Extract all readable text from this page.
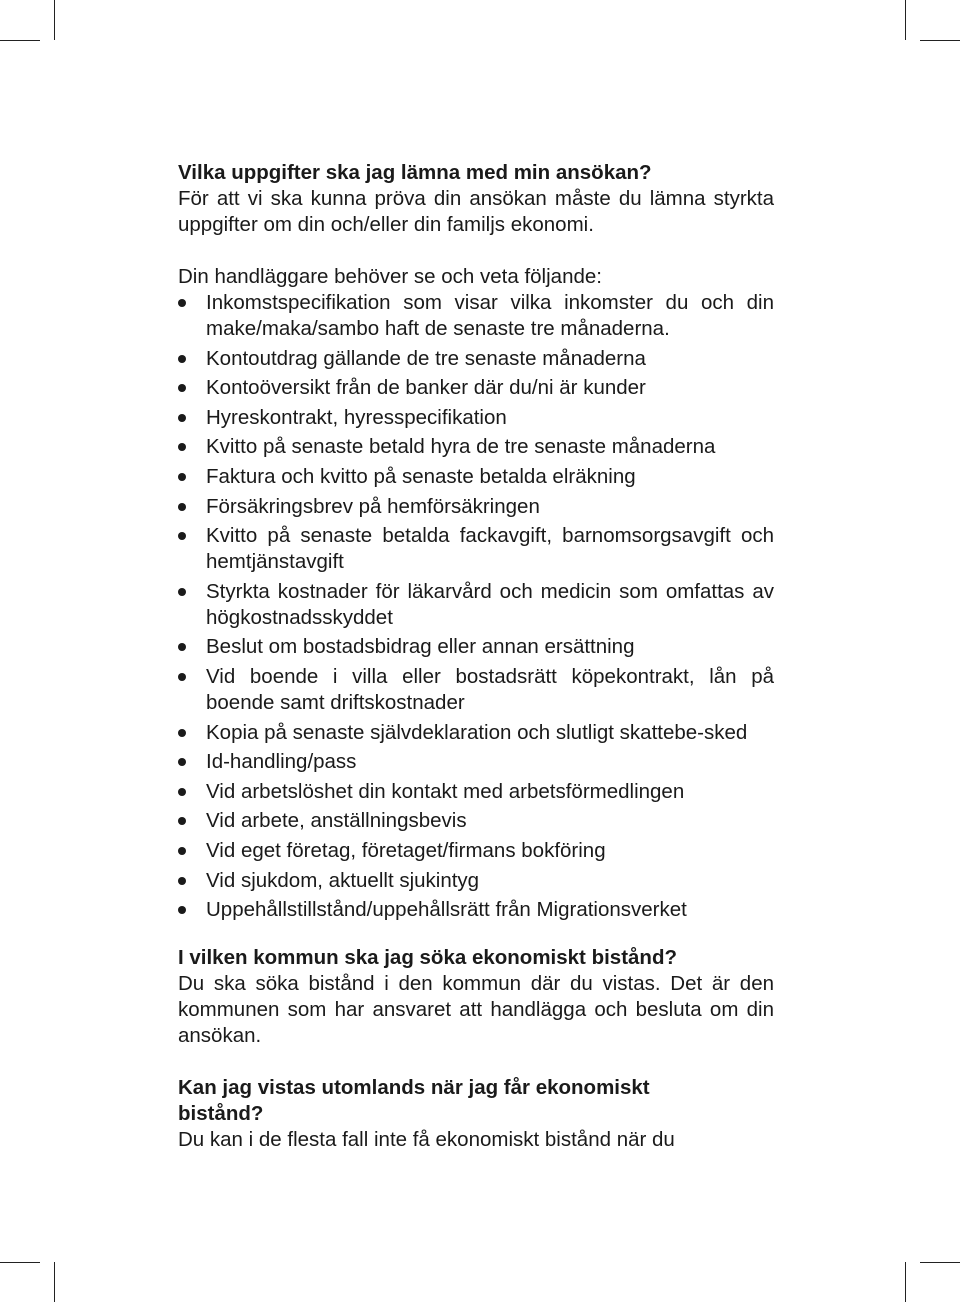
Vilka uppgifter ska jag lämna med min ansökan?

För att vi ska kunna pröva din ansökan måste du lämna styrkta uppgifter om din och/eller din familjs ekonomi.

Din handläggare behöver se och veta följande:

Inkomstspecifikation som visar vilka inkomster du och din make/maka/sambo haft de senaste tre månaderna.
Kontoutdrag gällande de tre senaste månaderna
Kontoöversikt från de banker där du/ni är kunder
Hyreskontrakt, hyresspecifikation
Kvitto på senaste betald hyra de tre senaste månaderna
Faktura och kvitto på senaste betalda elräkning
Försäkringsbrev på hemförsäkringen
Kvitto på senaste betalda fackavgift, barnomsorgsavgift och hemtjänstavgift
Styrkta kostnader för läkarvård och medicin som omfattas av högkostnadsskyddet
Beslut om bostadsbidrag eller annan ersättning
Vid boende i villa eller bostadsrätt köpekontrakt, lån på boende samt driftskostnader
Kopia på senaste självdeklaration och slutligt skattebe-sked
Id-handling/pass
Vid arbetslöshet din kontakt med arbetsförmedlingen
Vid arbete, anställningsbevis
Vid eget företag, företaget/firmans bokföring
Vid sjukdom, aktuellt sjukintyg
Uppehållstillstånd/uppehållsrätt från Migrationsverket

I vilken kommun ska jag söka ekonomiskt bistånd?

Du ska söka bistånd i den kommun där du vistas. Det är den kommunen som har ansvaret att handlägga och besluta om din ansökan.

Kan jag vistas utomlands när jag får ekonomiskt bistånd?

Du kan i de flesta fall inte få ekonomiskt bistånd när du
